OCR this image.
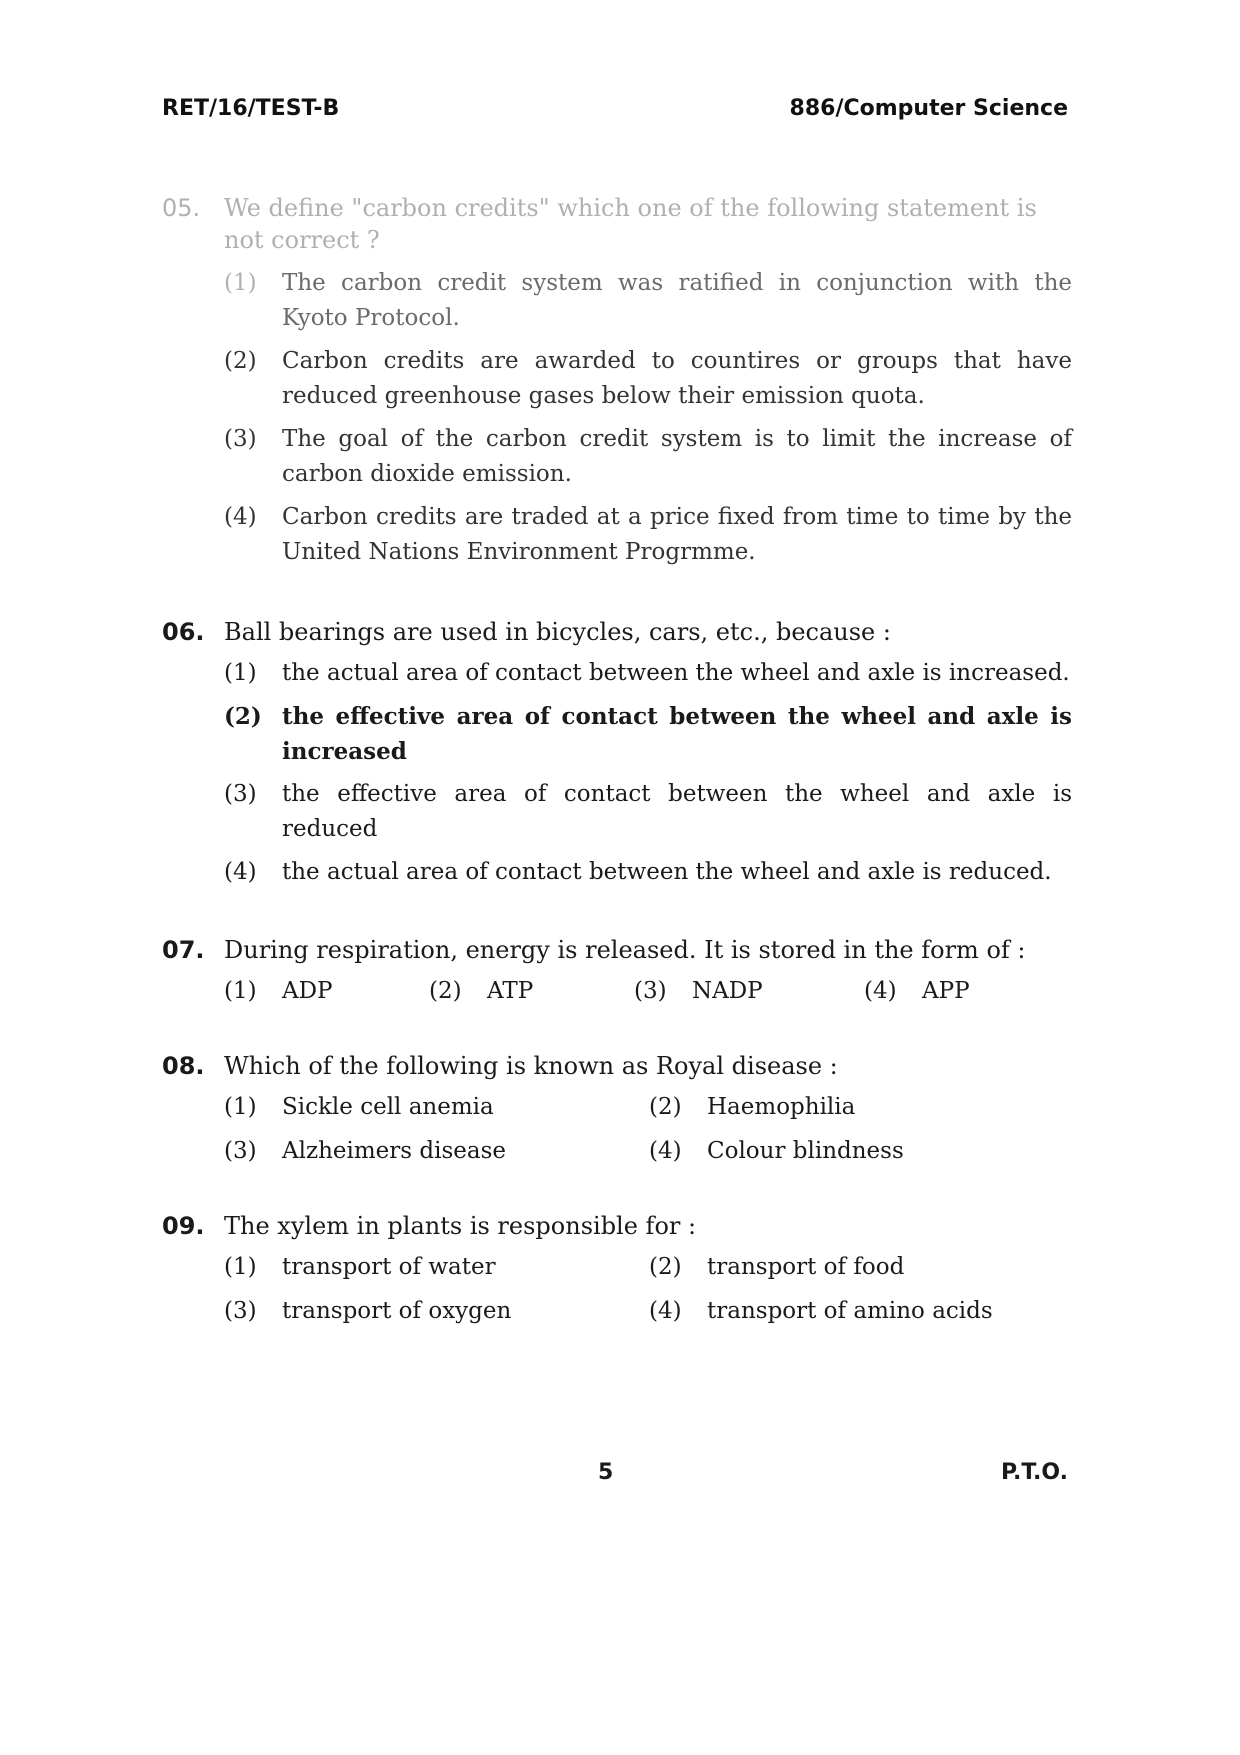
RET/16/TEST-B	886/Computer Science
05. We define "carbon credits" which one of the following statement is
not correct ?
(1)	The carbon credit system was ratified in conjunction with the Kyoto Protocol.
(2)	Carbon credits are awarded to countires or groups that have reduced greenhouse gases below their emission quota.
(3)	The goal of the carbon credit system is to limit the increase of carbon dioxide emission.
(4)	Carbon credits are traded at a price fixed from time to time by the United Nations Environment Progrmme.
06. Ball bearings are used in bicycles, cars, etc., because :
(1)	the actual area of contact between the wheel and axle is increased.
(2) the effective area of contact between the wheel and axle is increased
(3)	the effective area of contact between the wheel and axle is reduced
(4)	the actual area of contact between the wheel and axle is reduced.
07. During respiration, energy is released. It is stored in the form of :
(1)	ADP	(2)	ATP	(3)	NADP	(4)	APP
08. Which of the following is known as Royal disease :
(1)	Sickle cell anemia	(2)	Haemophilia
(3)	Alzheimers disease	(4)	Colour blindness
09. The xylem in plants is responsible for :
(1)	transport of water	(2)	transport of food
(3)	transport of oxygen	(4)	transport of amino acids
5	P.T.O.
